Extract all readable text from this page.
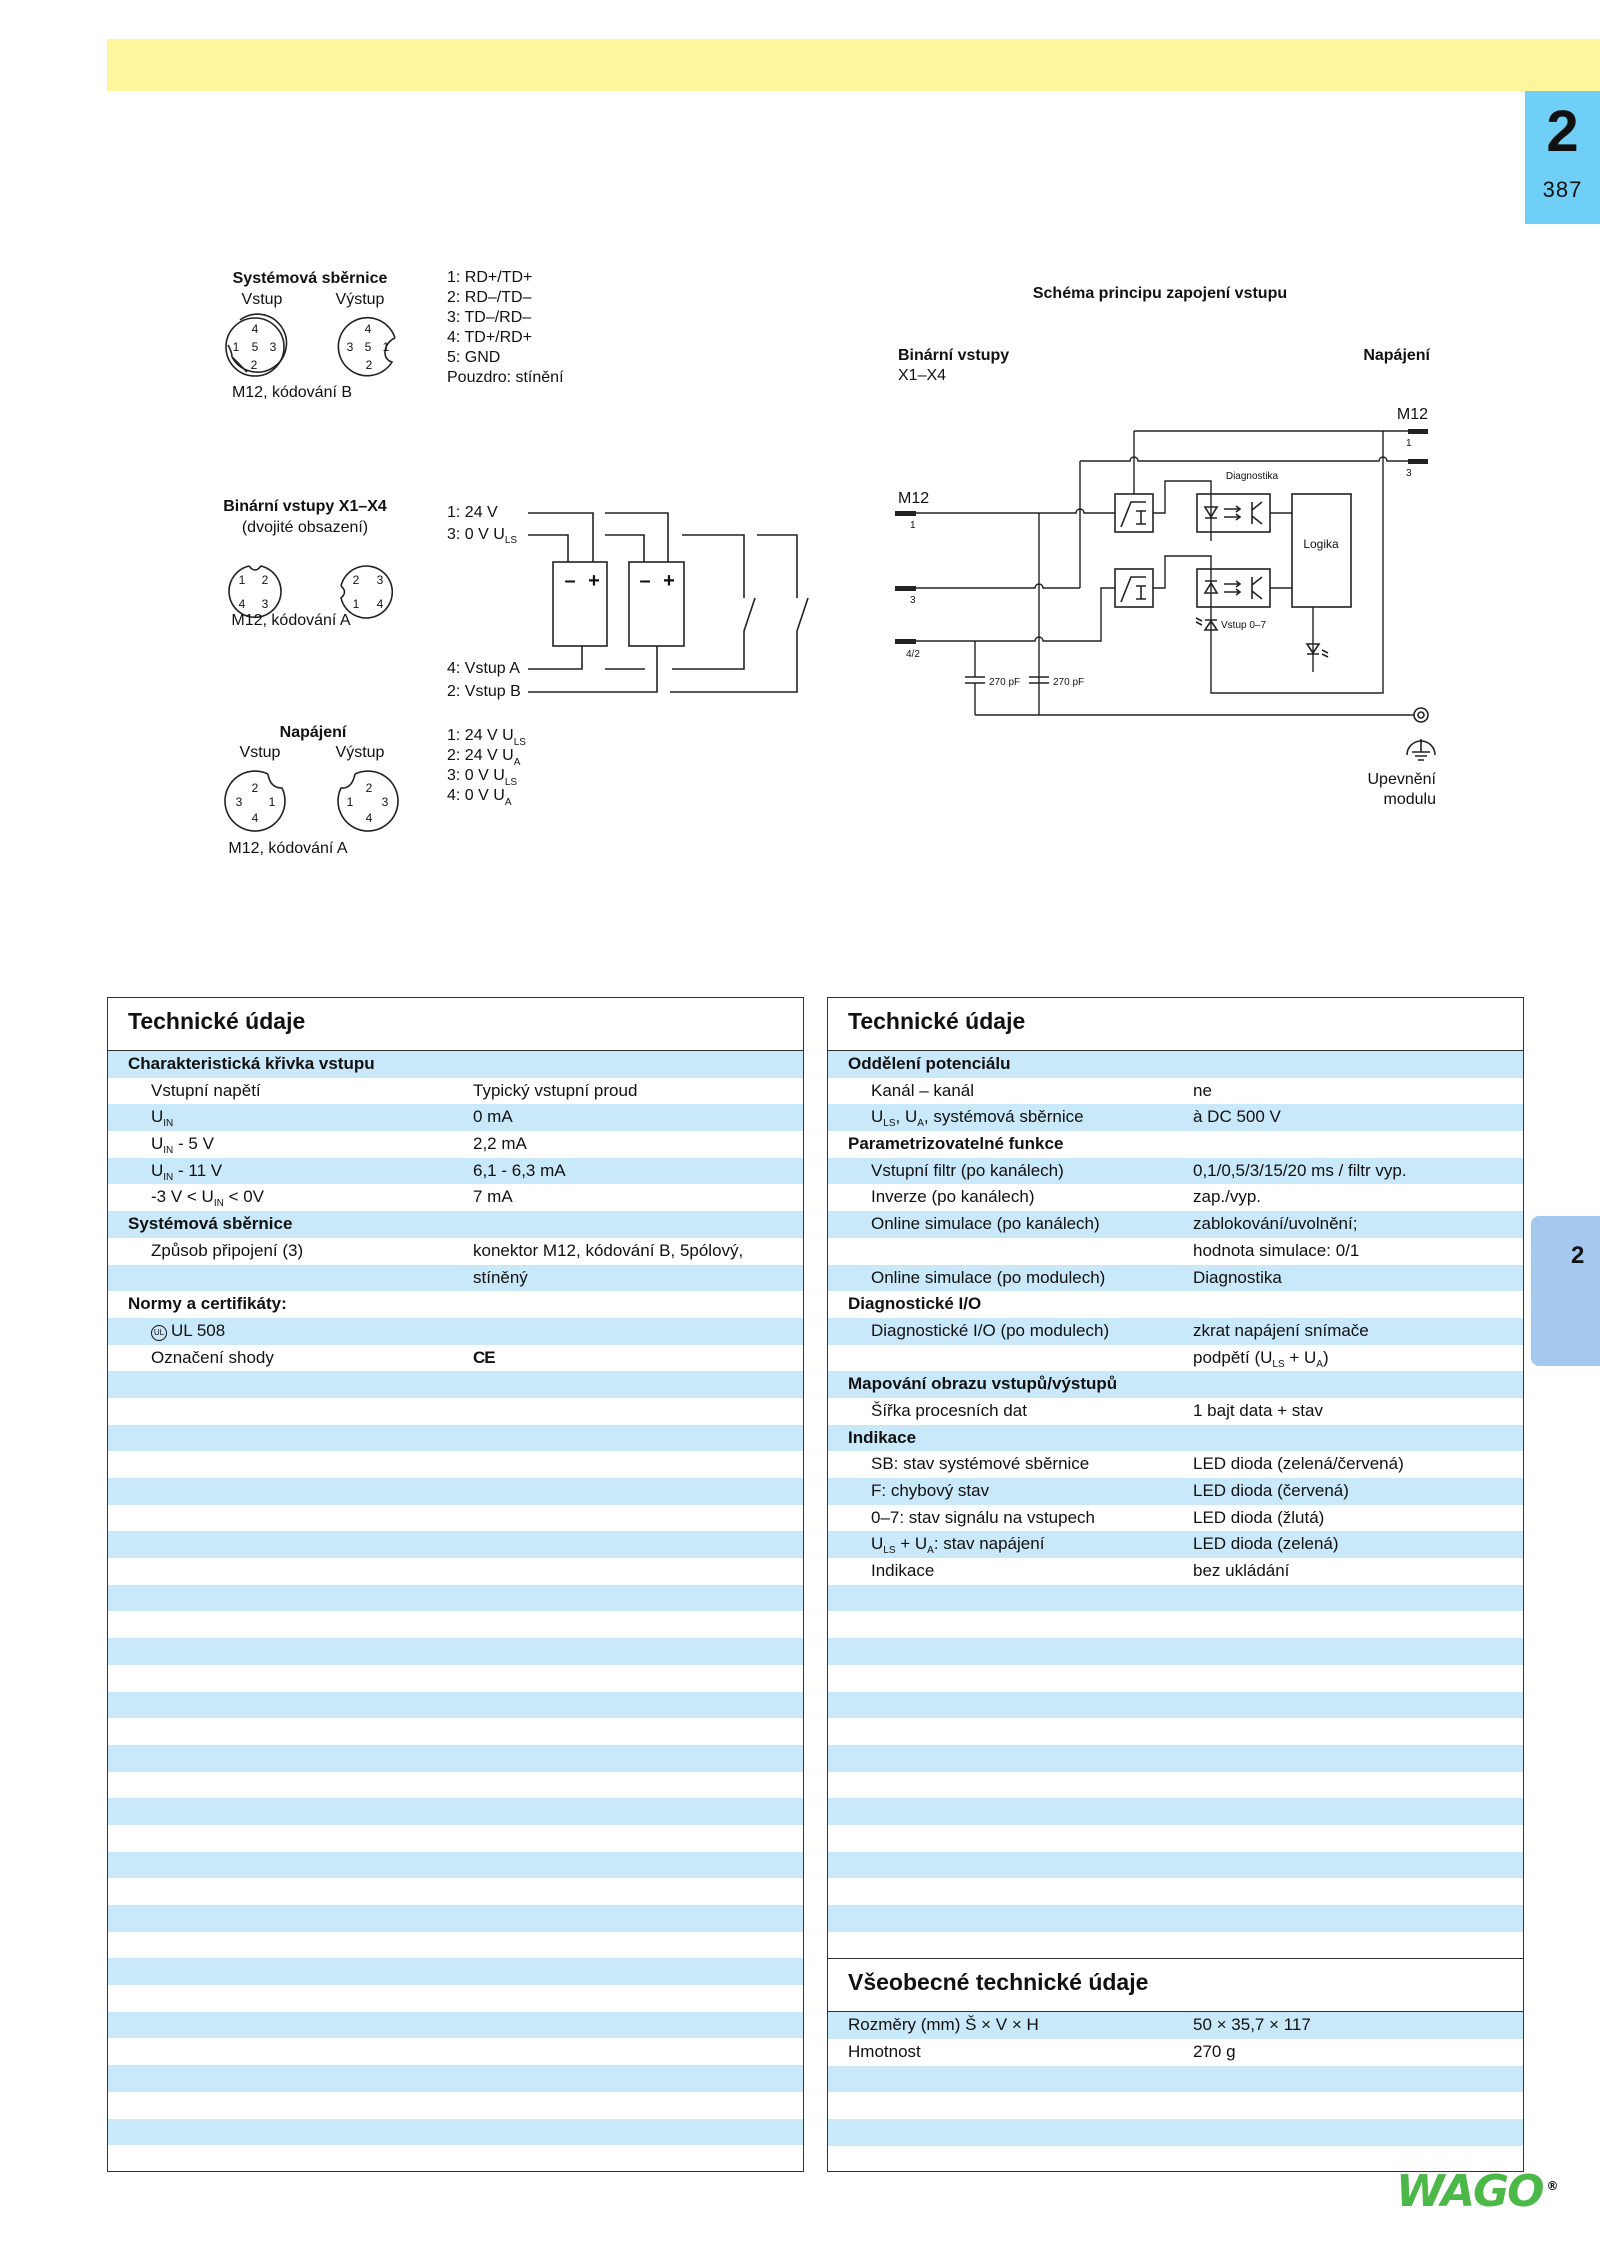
2
387
2
Systémová sběrnice
Vstup	Výstup
4
1 5 3
2
4
3 5 1
2
M12, kódování B
1: RD+/TD+
2: RD–/TD–
3: TD–/RD–
4: TD+/RD+
5: GND
Pouzdro: stínění
Binární vstupy X1–X4
(dvojité obsazení)
1 2
4 3
2 3
1 4
M12, kódování A
1: 24 V
3: 0 V $U_{LS}$
4: Vstup A
2: Vstup B
– + – +
Napájení
Vstup	Výstup
2
3 1
4
2
1 3
4
M12, kódování A
1: 24 V $U_{LS}$
2: 24 V $U_A$
3: 0 V $U_{LS}$
4: 0 V $U_A$
Schéma principu zapojení vstupu
Binární vstupy
X1–X4
Napájení
M12
M12
1
3
1
3
4/2
Logika
Diagnostika
Vstup 0–7
270 pF	270 pF
Upevnění
modulu
Technické údaje
Charakteristická křivka vstupu
Vstupní napětí	Typický vstupní proud
$U_{IN}$	0 mA
$U_{IN} - 5$ V	2,2 mA
$U_{IN} - 11$ V	6,1 - 6,3 mA
-3 $V < U_{IN} < 0V$	7 mA
Systémová sběrnice
Způsob připojení (3)	konektor M12, kódování B, 5pólový,
stíněný
Normy a certifikáty:
UL UL 508
Označení shody	CE
Technické údaje
Oddělení potenciálu
Kanál – kanál	ne
$U_{LS}$, $U_A$, systémová sběrnice	à DC 500 V
Parametrizovatelné funkce
Vstupní filtr (po kanálech)	0,1/0,5/3/15/20 ms / filtr vyp.
Inverze (po kanálech)	zap./vyp.
Online simulace (po kanálech)	zablokování/uvolnění;
hodnota simulace: 0/1
Online simulace (po modulech)	Diagnostika
Diagnostické I/O
Diagnostické I/O (po modulech)	zkrat napájení snímače
podpětí $(U_{LS} + U_A)$
Mapování obrazu vstupů/výstupů
Šířka procesních dat	1 bajt data + stav
Indikace
SB: stav systémové sběrnice	LED dioda (zelená/červená)
F: chybový stav	LED dioda (červená)
0–7: stav signálu na vstupech	LED dioda (žlutá)
$U_{LS} + U_A$: stav napájení	LED dioda (zelená)
Indikace	bez ukládání
Všeobecné technické údaje
Rozměry (mm) Š × V × H	50 × 35,7 × 117
Hmotnost	270 g
WAGO ®
